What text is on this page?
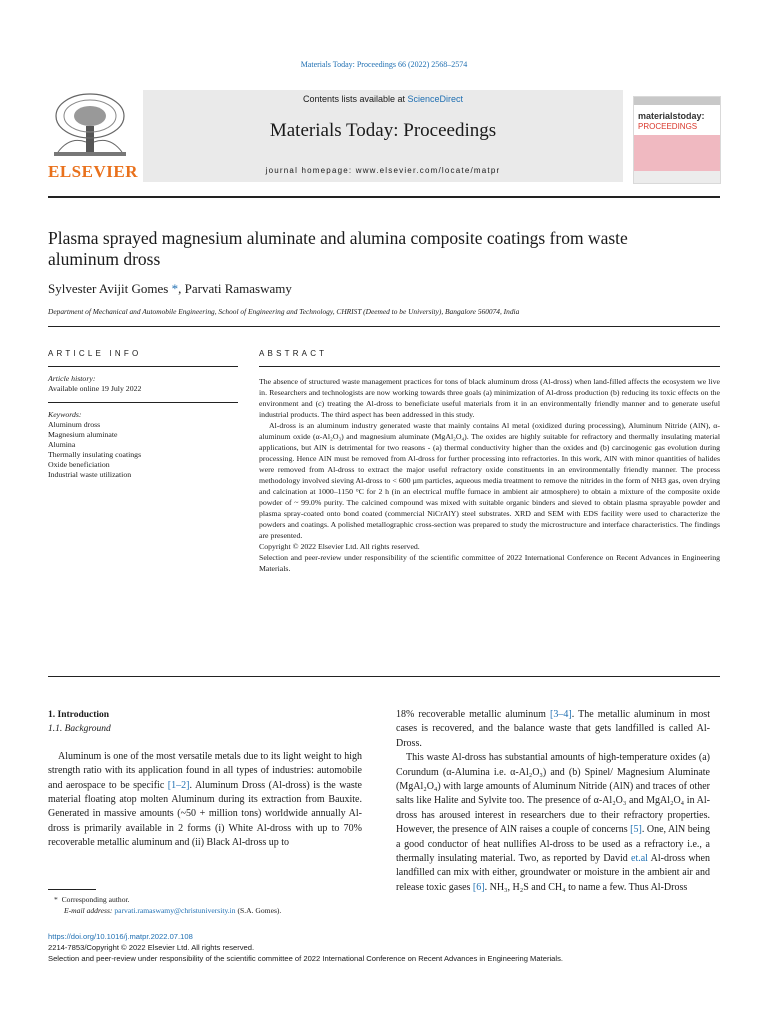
Materials Today: Proceedings 66 (2022) 2568–2574
ELSEVIER
Contents lists available at ScienceDirect
Materials Today: Proceedings
journal homepage: www.elsevier.com/locate/matpr
materialstoday:
PROCEEDINGS
Plasma sprayed magnesium aluminate and alumina composite coatings from waste aluminum dross
Sylvester Avijit Gomes *, Parvati Ramaswamy
Department of Mechanical and Automobile Engineering, School of Engineering and Technology, CHRIST (Deemed to be University), Bangalore 560074, India
ARTICLE INFO	ABSTRACT
Article history:
Available online 19 July 2022
Keywords:
Aluminum dross
Magnesium aluminate
Alumina
Thermally insulating coatings
Oxide beneficiation
Industrial waste utilization

The absence of structured waste management practices for tons of black aluminum dross (Al-dross) when land-filled affects the ecosystem we live in. Researchers and technologists are now working towards three goals (a) minimization of Al-dross production (b) reducing its toxic effects on the environment and (c) treating the Al-dross to beneficiate useful materials from it in an environmentally friendly manner and to generate useful industrial products. The third aspect has been addressed in this study.

Al-dross is an aluminum industry generated waste that mainly contains Al metal (oxidized during processing), Aluminum Nitride (AlN), α-aluminum oxide (α-Al₂O₃) and magnesium aluminate (MgAl₂O₄). The oxides are highly suitable for refractory and thermally insulating material applications, but AlN is detrimental for two reasons - (a) thermal conductivity higher than the oxides and (b) carcinogenic gas evolution during processing. Hence AlN must be removed from Al-dross for further processing into refractories. In this work, AlN with minor quantities of halides were removed from Al-dross to extract the major useful refractory oxide constituents in an environmentally friendly manner. The process methodology involved sieving Al-dross to < 600 µm particles, aqueous media treatment to remove the nitrides in the form of NH3 gas, oven drying and calcination at 1000–1150 °C for 2 h (in an electrical muffle furnace in ambient air atmosphere) to obtain a mixture of the composite oxide powder of ~ 99.0% purity. The calcined compound was mixed with suitable organic binders and sieved to obtain plasma sprayable powder and plasma spray-coated onto bond coated (commercial NiCrAlY) steel substrates. XRD and SEM with EDS facility were used to characterize the powders and coatings. A polished metallographic cross-section was prepared to study the microstructure and interface characteristics. The findings are presented.

Copyright © 2022 Elsevier Ltd. All rights reserved.

Selection and peer-review under responsibility of the scientific committee of 2022 International Conference on Recent Advances in Engineering Materials.

1. Introduction

1.1. Background

Aluminum is one of the most versatile metals due to its light weight to high strength ratio with its application found in all types of industries: automobile and aerospace to be specific [1–2]. Aluminum Dross (Al-dross) is the waste material floating atop molten Aluminum during its extraction from Bauxite. Generated in massive amounts (~50 + million tons) worldwide annually Al-dross is primarily available in 2 forms (i) White Al-dross with up to 70% recoverable metallic aluminum and (ii) Black Al-dross up to

18% recoverable metallic aluminum [3–4]. The metallic aluminum in most cases is recovered, and the balance waste that gets landfilled is called Al-Dross.

This waste Al-dross has substantial amounts of high-temperature oxides (a) Corundum (α-Alumina i.e. α-Al₂O₃) and (b) Spinel/ Magnesium Aluminate (MgAl₂O₄) with large amounts of Aluminum Nitride (AlN) and traces of other salts like Halite and Sylvite too. The presence of α-Al₂O₃ and MgAl₂O₄ in Al-dross has aroused interest in researchers due to their refractory properties. However, the presence of AlN raises a couple of concerns [5]. One, AlN being a good conductor of heat nullifies Al-dross to be used as a refractory i.e., a thermally insulating material. Two, as reported by David et.al Al-dross when landfilled can mix with either, groundwater or moisture in the ambient air and release toxic gases [6]. NH₃, H₂S and CH₄ to name a few. Thus Al-Dross

* Corresponding author.
E-mail address: parvati.ramaswamy@christuniversity.in (S.A. Gomes).
https://doi.org/10.1016/j.matpr.2022.07.108
2214-7853/Copyright © 2022 Elsevier Ltd. All rights reserved.
Selection and peer-review under responsibility of the scientific committee of 2022 International Conference on Recent Advances in Engineering Materials.
